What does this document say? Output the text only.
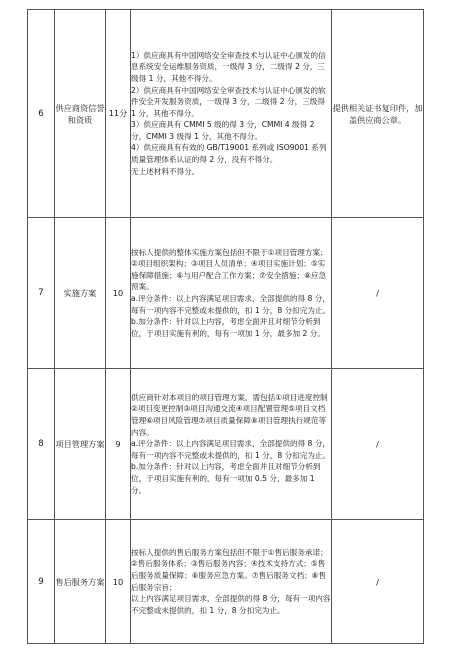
6	供应商资信誉和资质	11分	1）供应商具有中国网络安全审查技术与认证中心颁发的信息系统安全运维服务资质，一级得 3 分，二级得 2 分，三级得 1 分，其他不得分。
2）供应商具有中国网络安全审查技术与认证中心颁发的软件安全开发服务资质，一级得 3 分，二级得 2 分，三级得 1 分，其他不得分。
3）供应商具有 CMMI 5 级的得 3 分，CMMI 4 级得 2 分，CMMI 3 级得 1 分，其他不得分。
4）供应商具有有效的 GB/T19001 系列或 ISO9001 系列质量管理体系认证的得 2 分，没有不得分。
无上述材料不得分。	提供相关证书复印件，加盖供应商公章。
7	实施方案	10	按标人提供的整体实施方案包括但不限于①项目管理方案；②项目组织架构；③项目人员清单；④项目实施计划；⑤实施保障措施；⑥与用户配合工作方案；⑦安全措施；⑧应急预案。
a.评分条件：以上内容满足项目需求，全部提供的得 8 分，每有一项内容不完整或未提供的，扣 1 分，8 分扣完为止。
b.加分条件：针对以上内容，考虑全面并且对细节分析到位，于项目实施有利的，每有一项加 1 分，最多加 2 分。	/
8	项目管理方案	9	供应商针对本项目的项目管理方案，需包括①项目进度控制②项目变更控制③项目沟通交流④项目配置管理⑤项目文档管理⑥项目风险管理⑦项目质量保障⑧项目管理执行规范等内容。
a.评分条件：以上内容满足项目需求，全部提供的得 8 分，每有一项内容不完整或未提供的，扣 1 分，8 分扣完为止。
b.加分条件：针对以上内容，考虑全面并且对细节分析到位，于项目实施有利的，每有一项加 0.5 分，最多加 1 分。	/
9	售后服务方案	10	按标人提供的售后服务方案包括但不限于①售后服务承诺；②售后服务体系；③售后服务内容；④技术支持方式；⑤售后服务质量保障；⑥服务应急方案。⑦售后服务文档；⑧售后服务宗旨；
以上内容满足项目需求，全部提供的得 8 分，每有一项内容不完整或未提供的，扣 1 分，8 分扣完为止。	/
